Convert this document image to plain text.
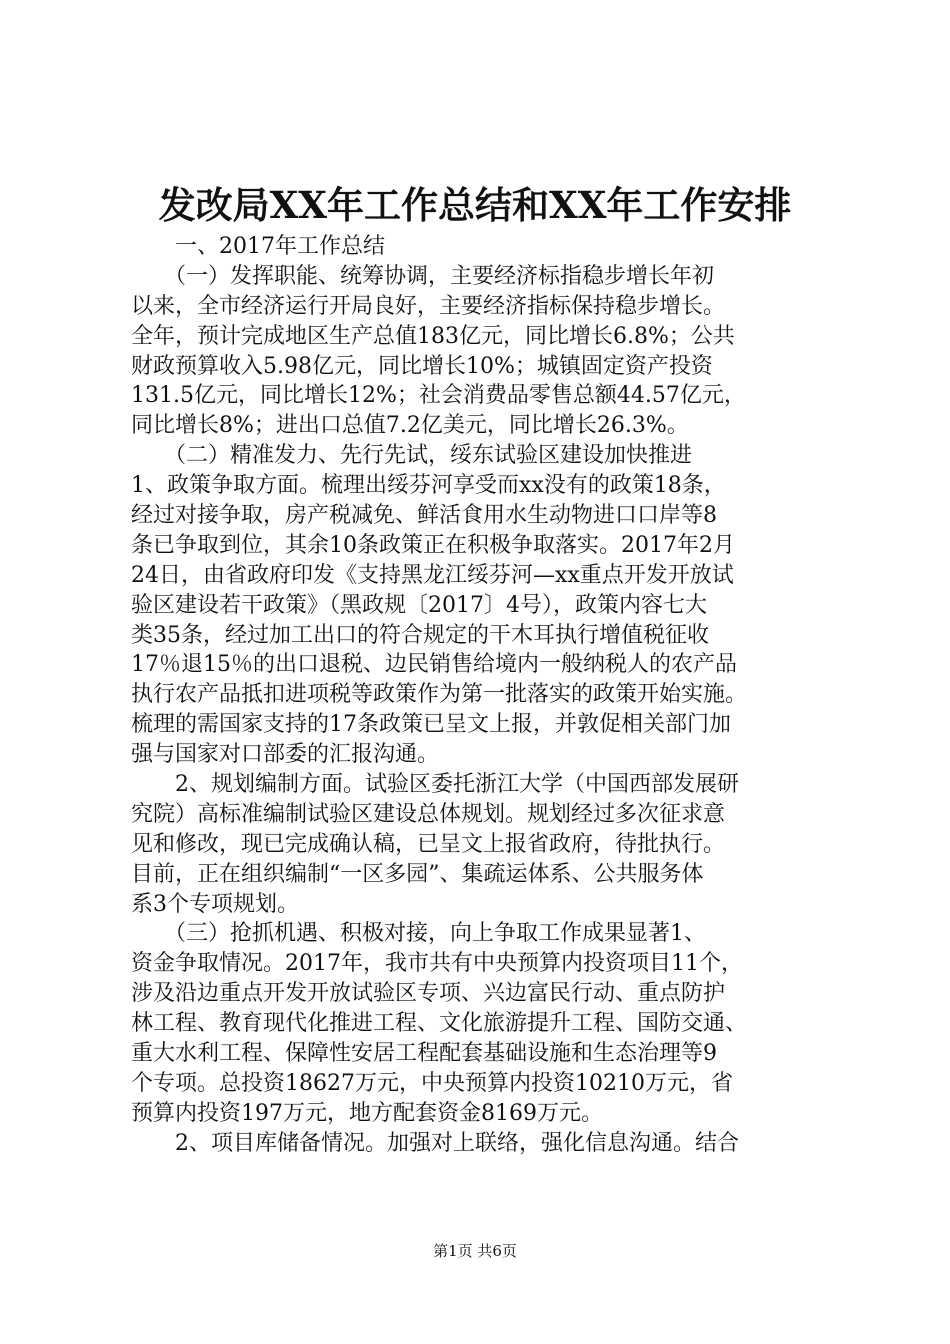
发改局XX年工作总结和XX年工作安排
　　一、2017年工作总结
　　（一）发挥职能、统筹协调，主要经济标指稳步增长年初
以来，全市经济运行开局良好，主要经济指标保持稳步增长。
全年，预计完成地区生产总值183亿元，同比增长6.8%；公共
财政预算收入5.98亿元，同比增长10%；城镇固定资产投资
131.5亿元，同比增长12%；社会消费品零售总额44.57亿元，
同比增长8%；进出口总值7.2亿美元，同比增长26.3%。
　　（二）精准发力、先行先试，绥东试验区建设加快推进
1、政策争取方面。梳理出绥芬河享受而xx没有的政策18条，
经过对接争取，房产税减免、鲜活食用水生动物进口口岸等8
条已争取到位，其余10条政策正在积极争取落实。2017年2月
24日，由省政府印发《支持黑龙江绥芬河—xx重点开发开放试
验区建设若干政策》（黑政规〔2017〕4号），政策内容七大
类35条，经过加工出口的符合规定的干木耳执行增值税征收
17％退15％的出口退税、边民销售给境内一般纳税人的农产品
执行农产品抵扣进项税等政策作为第一批落实的政策开始实施。
梳理的需国家支持的17条政策已呈文上报，并敦促相关部门加
强与国家对口部委的汇报沟通。
　　2、规划编制方面。试验区委托浙江大学（中国西部发展研
究院）高标准编制试验区建设总体规划。规划经过多次征求意
见和修改，现已完成确认稿，已呈文上报省政府，待批执行。
目前，正在组织编制“一区多园”、集疏运体系、公共服务体
系3个专项规划。
　　（三）抢抓机遇、积极对接，向上争取工作成果显著1、
资金争取情况。2017年，我市共有中央预算内投资项目11个，
涉及沿边重点开发开放试验区专项、兴边富民行动、重点防护
林工程、教育现代化推进工程、文化旅游提升工程、国防交通、
重大水利工程、保障性安居工程配套基础设施和生态治理等9
个专项。总投资18627万元，中央预算内投资10210万元，省
预算内投资197万元，地方配套资金8169万元。
　　2、项目库储备情况。加强对上联络，强化信息沟通。结合
第1页 共6页
